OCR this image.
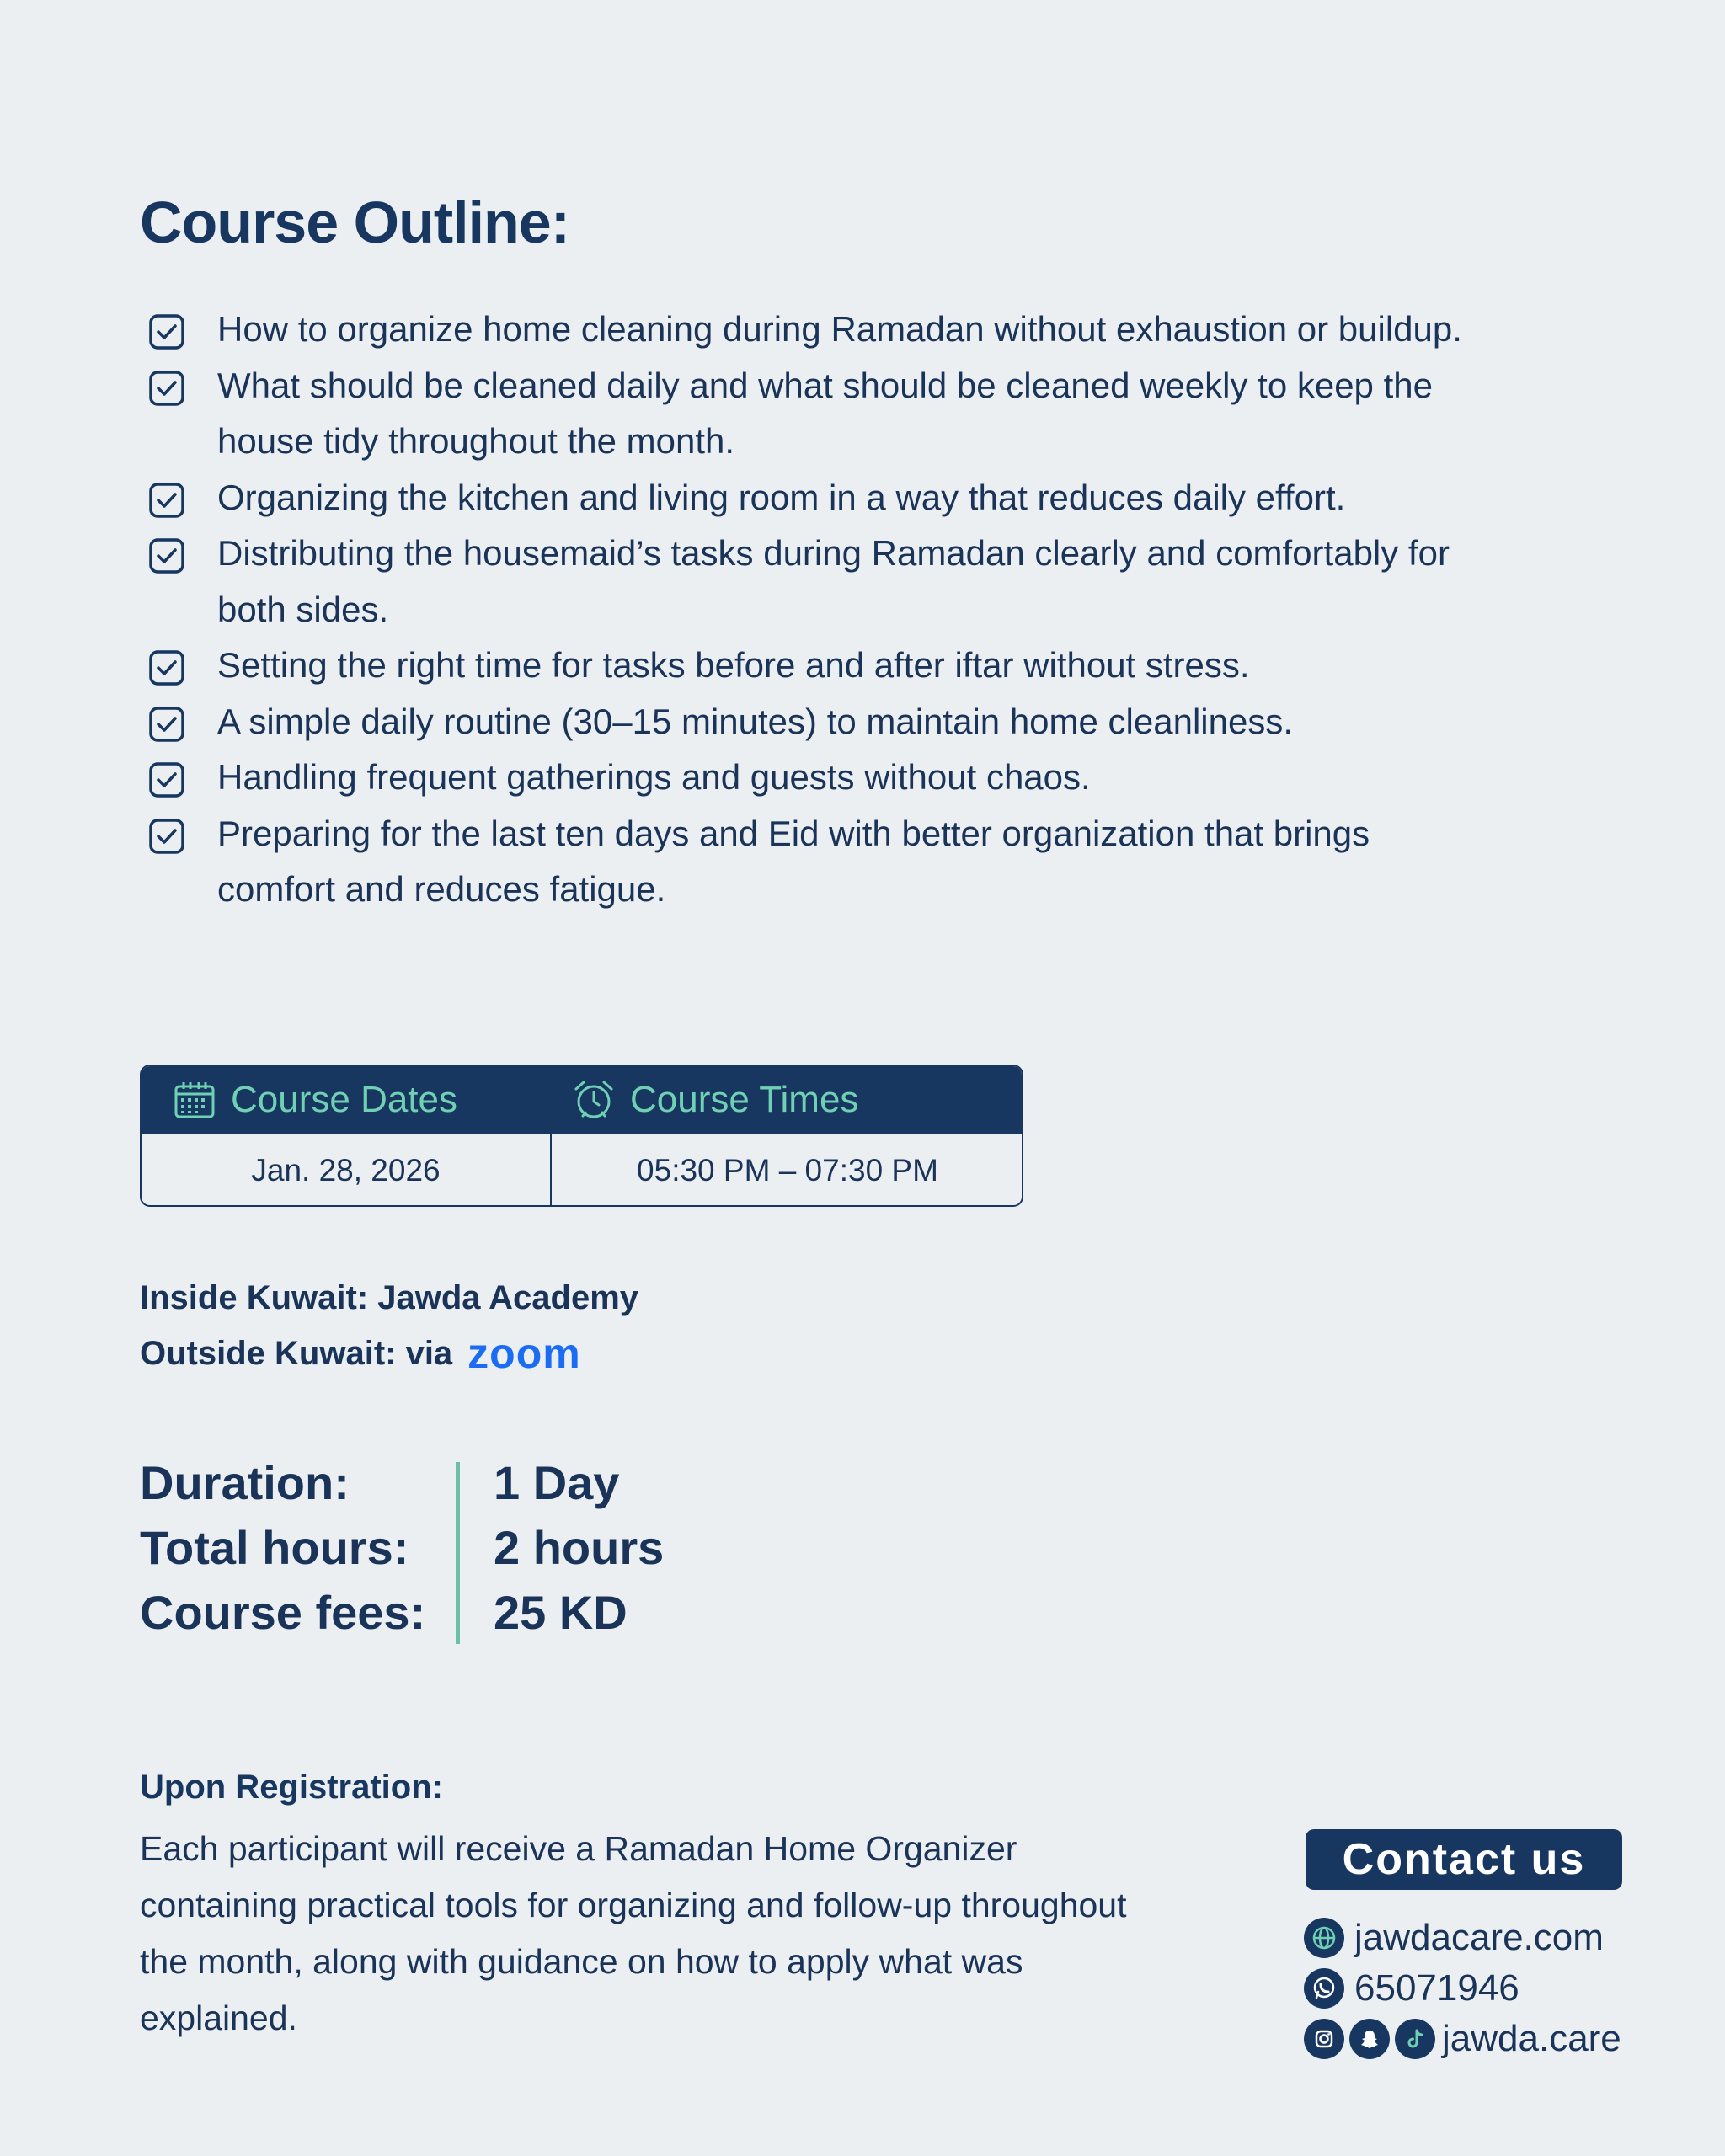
Course Outline:
How to organize home cleaning during Ramadan without exhaustion or buildup.
What should be cleaned daily and what should be cleaned weekly to keep the house tidy throughout the month.
Organizing the kitchen and living room in a way that reduces daily effort.
Distributing the housemaid’s tasks during Ramadan clearly and comfortably for both sides.
Setting the right time for tasks before and after iftar without stress.
A simple daily routine (30–15 minutes) to maintain home cleanliness.
Handling frequent gatherings and guests without chaos.
Preparing for the last ten days and Eid with better organization that brings comfort and reduces fatigue.
Course Dates	Course Times
Jan. 28, 2026	05:30 PM – 07:30 PM
Inside Kuwait: Jawda Academy
Outside Kuwait: via zoom
Duration:
Total hours:
Course fees:
1 Day
2 hours
25 KD
Upon Registration:
Each participant will receive a Ramadan Home Organizer containing practical tools for organizing and follow-up throughout the month, along with guidance on how to apply what was explained.
Contact us
jawdacare.com
65071946
jawda.care
